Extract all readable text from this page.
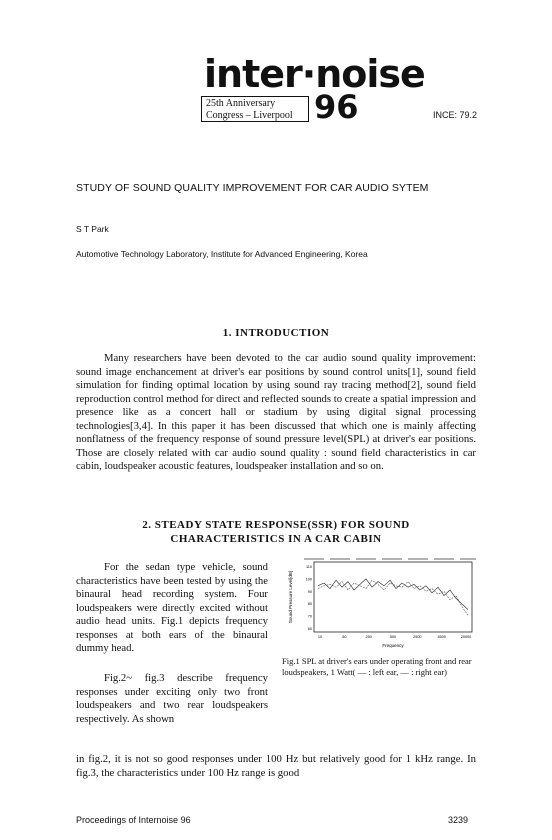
inter·noise
25th Anniversary
Congress – Liverpool 96	INCE: 79.2
STUDY OF SOUND QUALITY IMPROVEMENT FOR CAR AUDIO SYTEM
S T Park
Automotive Technology Laboratory, Institute for Advanced Engineering, Korea
1. INTRODUCTION
Many researchers have been devoted to the car audio sound quality improvement: sound image enchancement at driver's ear positions by sound control units[1], sound field simulation for finding optimal location by using sound ray tracing method[2], sound field reproduction control method for direct and reflected sounds to create a spatial impression and presence like as a concert hall or stadium by using digital signal processing technologies[3,4]. In this paper it has been discussed that which one is mainly affecting nonflatness of the frequency response of sound pressure level(SPL) at driver's ear positions. Those are closely related with car audio sound quality : sound field characteristics in car cabin, loudspeaker acoustic features, loudspeaker installation and so on.
2. STEADY STATE RESPONSE(SSR) FOR SOUND
CHARACTERISTICS IN A CAR CABIN
For the sedan type vehicle, sound characteristics have been tested by using the binaural head recording system. Four loudspeakers were directly excited without audio head units. Fig.1 depicts frequency responses at both ears of the binaural dummy head.
Fig.2~ fig.3 describe frequency responses under exciting only two front loudspeakers and two rear loudspeakers respectively. As shown
in fig.2, it is not so good responses under 100 Hz but relatively good for 1 kHz range. In fig.3, the characteristics under 100 Hz range is good
Sound Pressure Level[dB]
110
100
90
80
70
60
10	50	250	500	2500	4500	20000
Frequency
Fig.1 SPL at driver's ears under operating front and rear loudspeakers, 1 Watt( — : left ear, — : right ear)
Proceedings of Internoise 96	3239
